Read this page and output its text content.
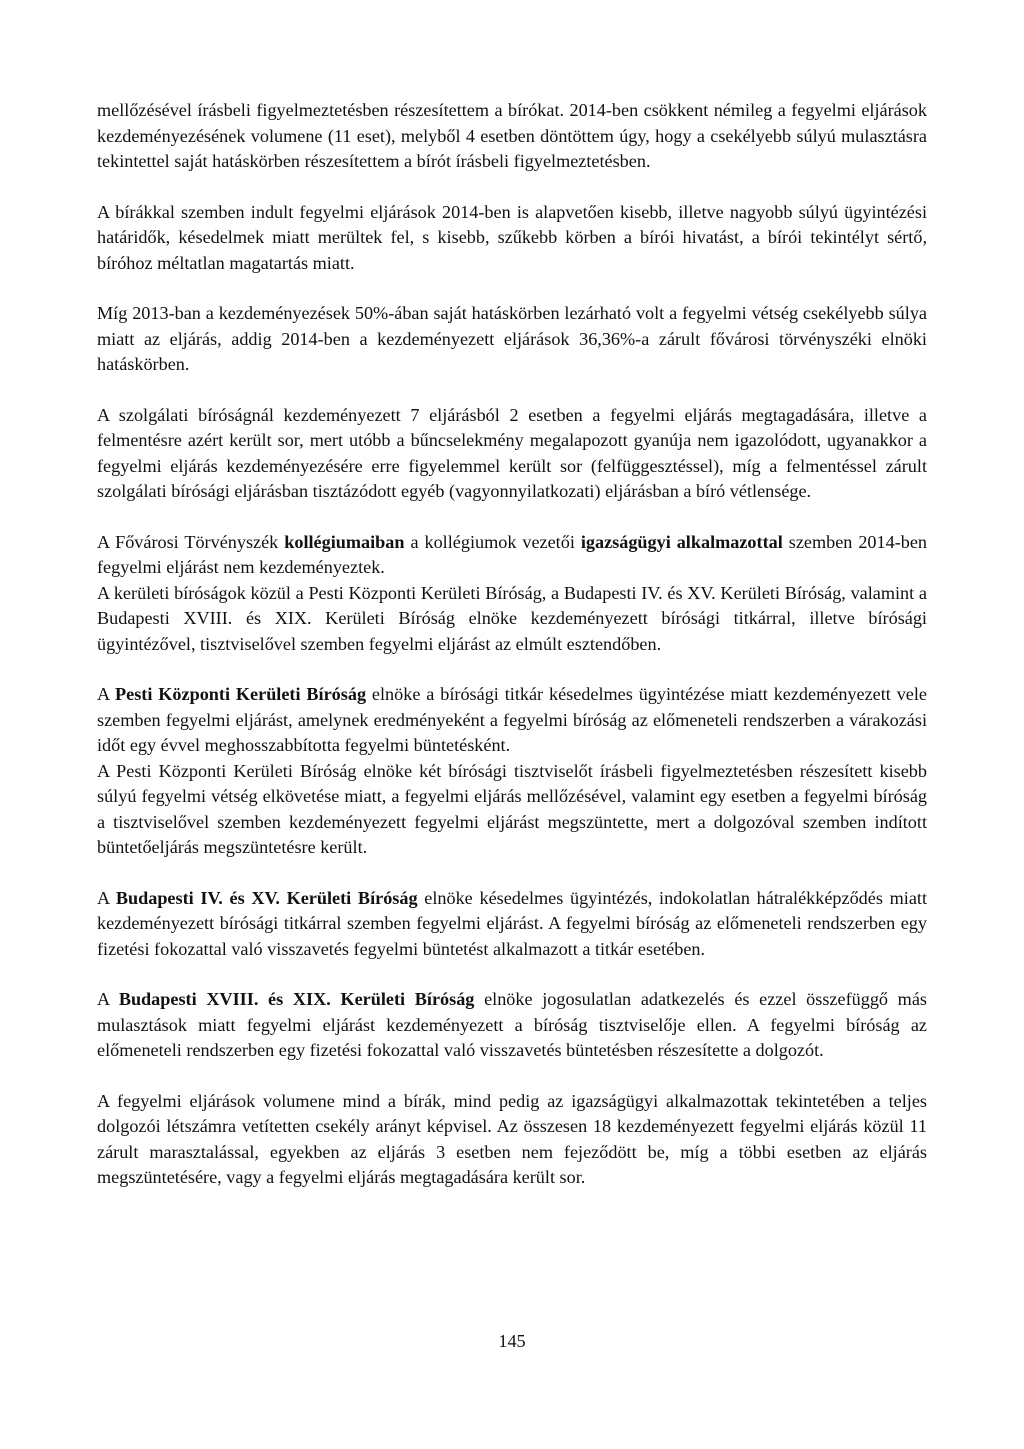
mellőzésével írásbeli figyelmeztetésben részesítettem a bírókat. 2014-ben csökkent némileg a fegyelmi eljárások kezdeményezésének volumene (11 eset), melyből 4 esetben döntöttem úgy, hogy a csekélyebb súlyú mulasztásra tekintettel saját hatáskörben részesítettem a bírót írásbeli figyelmeztetésben.

A bírákkal szemben indult fegyelmi eljárások 2014-ben is alapvetően kisebb, illetve nagyobb súlyú ügyintézési határidők, késedelmek miatt merültek fel, s kisebb, szűkebb körben a bírói hivatást, a bírói tekintélyt sértő, bíróhoz méltatlan magatartás miatt.

Míg 2013-ban a kezdeményezések 50%-ában saját hatáskörben lezárható volt a fegyelmi vétség csekélyebb súlya miatt az eljárás, addig 2014-ben a kezdeményezett eljárások 36,36%-a zárult fővárosi törvényszéki elnöki hatáskörben.

A szolgálati bíróságnál kezdeményezett 7 eljárásból 2 esetben a fegyelmi eljárás megtagadására, illetve a felmentésre azért került sor, mert utóbb a bűncselekmény megalapozott gyanúja nem igazolódott, ugyanakkor a fegyelmi eljárás kezdeményezésére erre figyelemmel került sor (felfüggesztéssel), míg a felmentéssel zárult szolgálati bírósági eljárásban tisztázódott egyéb (vagyonnyilatkozati) eljárásban a bíró vétlensége.

A Fővárosi Törvényszék kollégiumaiban a kollégiumok vezetői igazságügyi alkalmazottal szemben 2014-ben fegyelmi eljárást nem kezdeményeztek.

A kerületi bíróságok közül a Pesti Központi Kerületi Bíróság, a Budapesti IV. és XV. Kerületi Bíróság, valamint a Budapesti XVIII. és XIX. Kerületi Bíróság elnöke kezdeményezett bírósági titkárral, illetve bírósági ügyintézővel, tisztviselővel szemben fegyelmi eljárást az elmúlt esztendőben.

A Pesti Központi Kerületi Bíróság elnöke a bírósági titkár késedelmes ügyintézése miatt kezdeményezett vele szemben fegyelmi eljárást, amelynek eredményeként a fegyelmi bíróság az előmeneteli rendszerben a várakozási időt egy évvel meghosszabbította fegyelmi büntetésként.

A Pesti Központi Kerületi Bíróság elnöke két bírósági tisztviselőt írásbeli figyelmeztetésben részesített kisebb súlyú fegyelmi vétség elkövetése miatt, a fegyelmi eljárás mellőzésével, valamint egy esetben a fegyelmi bíróság a tisztviselővel szemben kezdeményezett fegyelmi eljárást megszüntette, mert a dolgozóval szemben indított büntetőeljárás megszüntetésre került.

A Budapesti IV. és XV. Kerületi Bíróság elnöke késedelmes ügyintézés, indokolatlan hátralékképződés miatt kezdeményezett bírósági titkárral szemben fegyelmi eljárást. A fegyelmi bíróság az előmeneteli rendszerben egy fizetési fokozattal való visszavetés fegyelmi büntetést alkalmazott a titkár esetében.

A Budapesti XVIII. és XIX. Kerületi Bíróság elnöke jogosulatlan adatkezelés és ezzel összefüggő más mulasztások miatt fegyelmi eljárást kezdeményezett a bíróság tisztviselője ellen. A fegyelmi bíróság az előmeneteli rendszerben egy fizetési fokozattal való visszavetés büntetésben részesítette a dolgozót.

A fegyelmi eljárások volumene mind a bírák, mind pedig az igazságügyi alkalmazottak tekintetében a teljes dolgozói létszámra vetítetten csekély arányt képvisel. Az összesen 18 kezdeményezett fegyelmi eljárás közül 11 zárult marasztalással, egyekben az eljárás 3 esetben nem fejeződött be, míg a többi esetben az eljárás megszüntetésére, vagy a fegyelmi eljárás megtagadására került sor.

145
